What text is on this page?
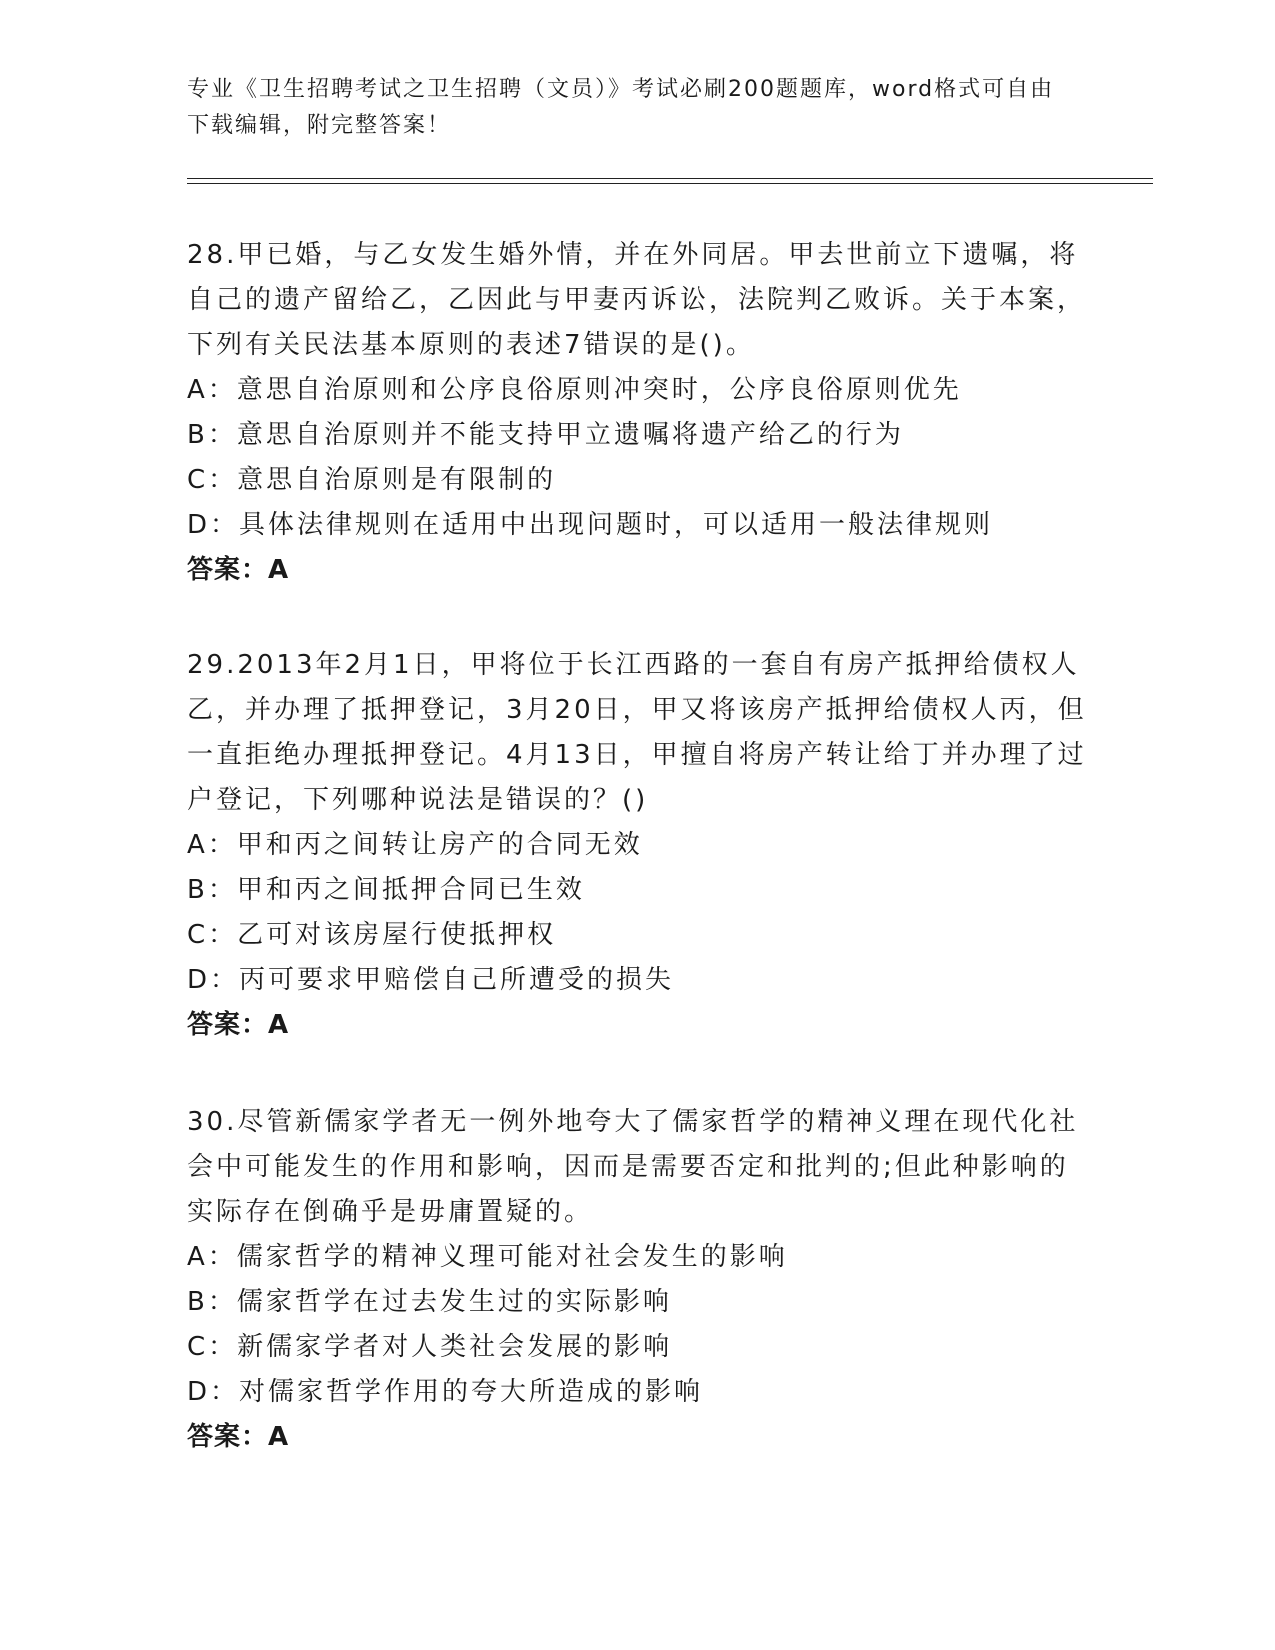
专业《卫生招聘考试之卫生招聘（文员）》考试必刷200题题库，word格式可自由下载编辑，附完整答案！
28.甲已婚，与乙女发生婚外情，并在外同居。甲去世前立下遗嘱，将自己的遗产留给乙，乙因此与甲妻丙诉讼，法院判乙败诉。关于本案，下列有关民法基本原则的表述7错误的是()。
A：意思自治原则和公序良俗原则冲突时，公序良俗原则优先
B：意思自治原则并不能支持甲立遗嘱将遗产给乙的行为
C：意思自治原则是有限制的
D：具体法律规则在适用中出现问题时，可以适用一般法律规则
答案：A
29.2013年2月1日，甲将位于长江西路的一套自有房产抵押给债权人乙，并办理了抵押登记，3月20日，甲又将该房产抵押给债权人丙，但一直拒绝办理抵押登记。4月13日，甲擅自将房产转让给丁并办理了过户登记，下列哪种说法是错误的？()
A：甲和丙之间转让房产的合同无效
B：甲和丙之间抵押合同已生效
C：乙可对该房屋行使抵押权
D：丙可要求甲赔偿自己所遭受的损失
答案：A
30.尽管新儒家学者无一例外地夸大了儒家哲学的精神义理在现代化社会中可能发生的作用和影响，因而是需要否定和批判的;但此种影响的实际存在倒确乎是毋庸置疑的。
A：儒家哲学的精神义理可能对社会发生的影响
B：儒家哲学在过去发生过的实际影响
C：新儒家学者对人类社会发展的影响
D：对儒家哲学作用的夸大所造成的影响
答案：A
